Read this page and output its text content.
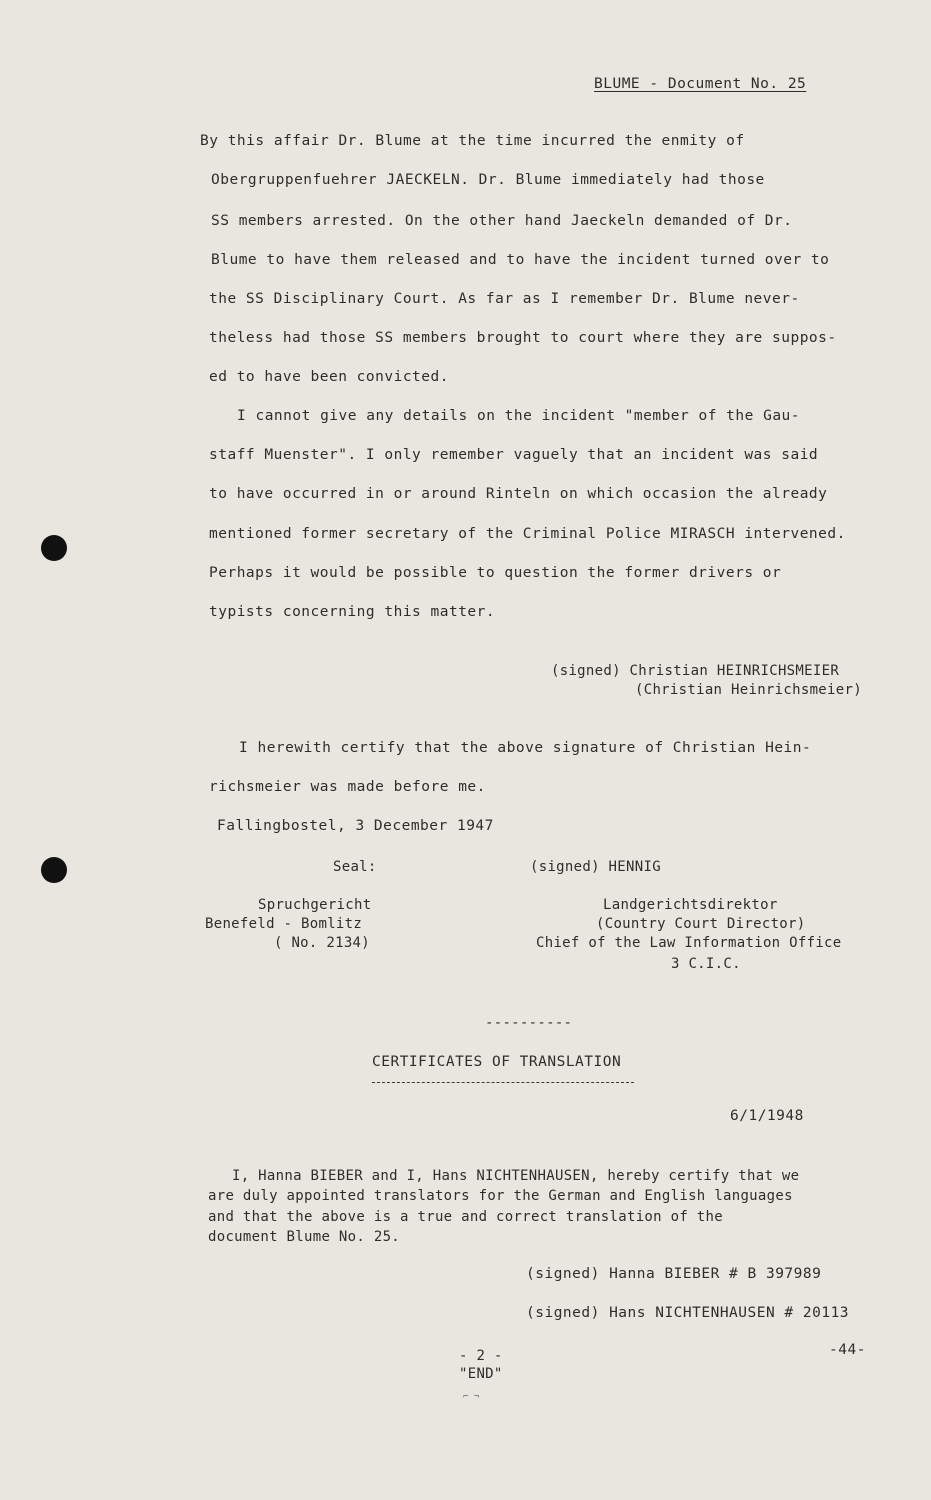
BLUME - Document No. 25
By this affair Dr. Blume at the time incurred the enmity of
Obergruppenfuehrer JAECKELN. Dr. Blume immediately had those
SS members arrested. On the other hand Jaeckeln demanded of Dr.
Blume to have them released and to have the incident turned over to
the SS Disciplinary Court. As far as I remember Dr. Blume never-
theless had those SS members brought to court where they are suppos-
ed to have been convicted.
I cannot give any details on the incident "member of the Gau-
staff Muenster". I only remember vaguely that an incident was said
to have occurred in or around Rinteln on which occasion the already
mentioned former secretary of the Criminal Police MIRASCH intervened.
Perhaps it would be possible to question the former drivers or
typists concerning this matter.
(signed) Christian HEINRICHSMEIER
(Christian Heinrichsmeier)
I herewith certify that the above signature of Christian Hein-
richsmeier was made before me.
Fallingbostel, 3 December 1947
Seal:
Spruchgericht
Benefeld - Bomlitz
( No. 2134)
(signed) HENNIG
Landgerichtsdirektor
(Country Court Director)
Chief of the Law Information Office
3 C.I.C.
----------
CERTIFICATES OF TRANSLATION
6/1/1948
I, Hanna BIEBER and I, Hans NICHTENHAUSEN, hereby certify that we
are duly appointed translators for the German and English languages
and that the above is a true and correct translation of the
document Blume No. 25.
(signed) Hanna BIEBER # B 397989
(signed) Hans NICHTENHAUSEN # 20113
- 2 -
"END"
-44-
⌐ ¬
